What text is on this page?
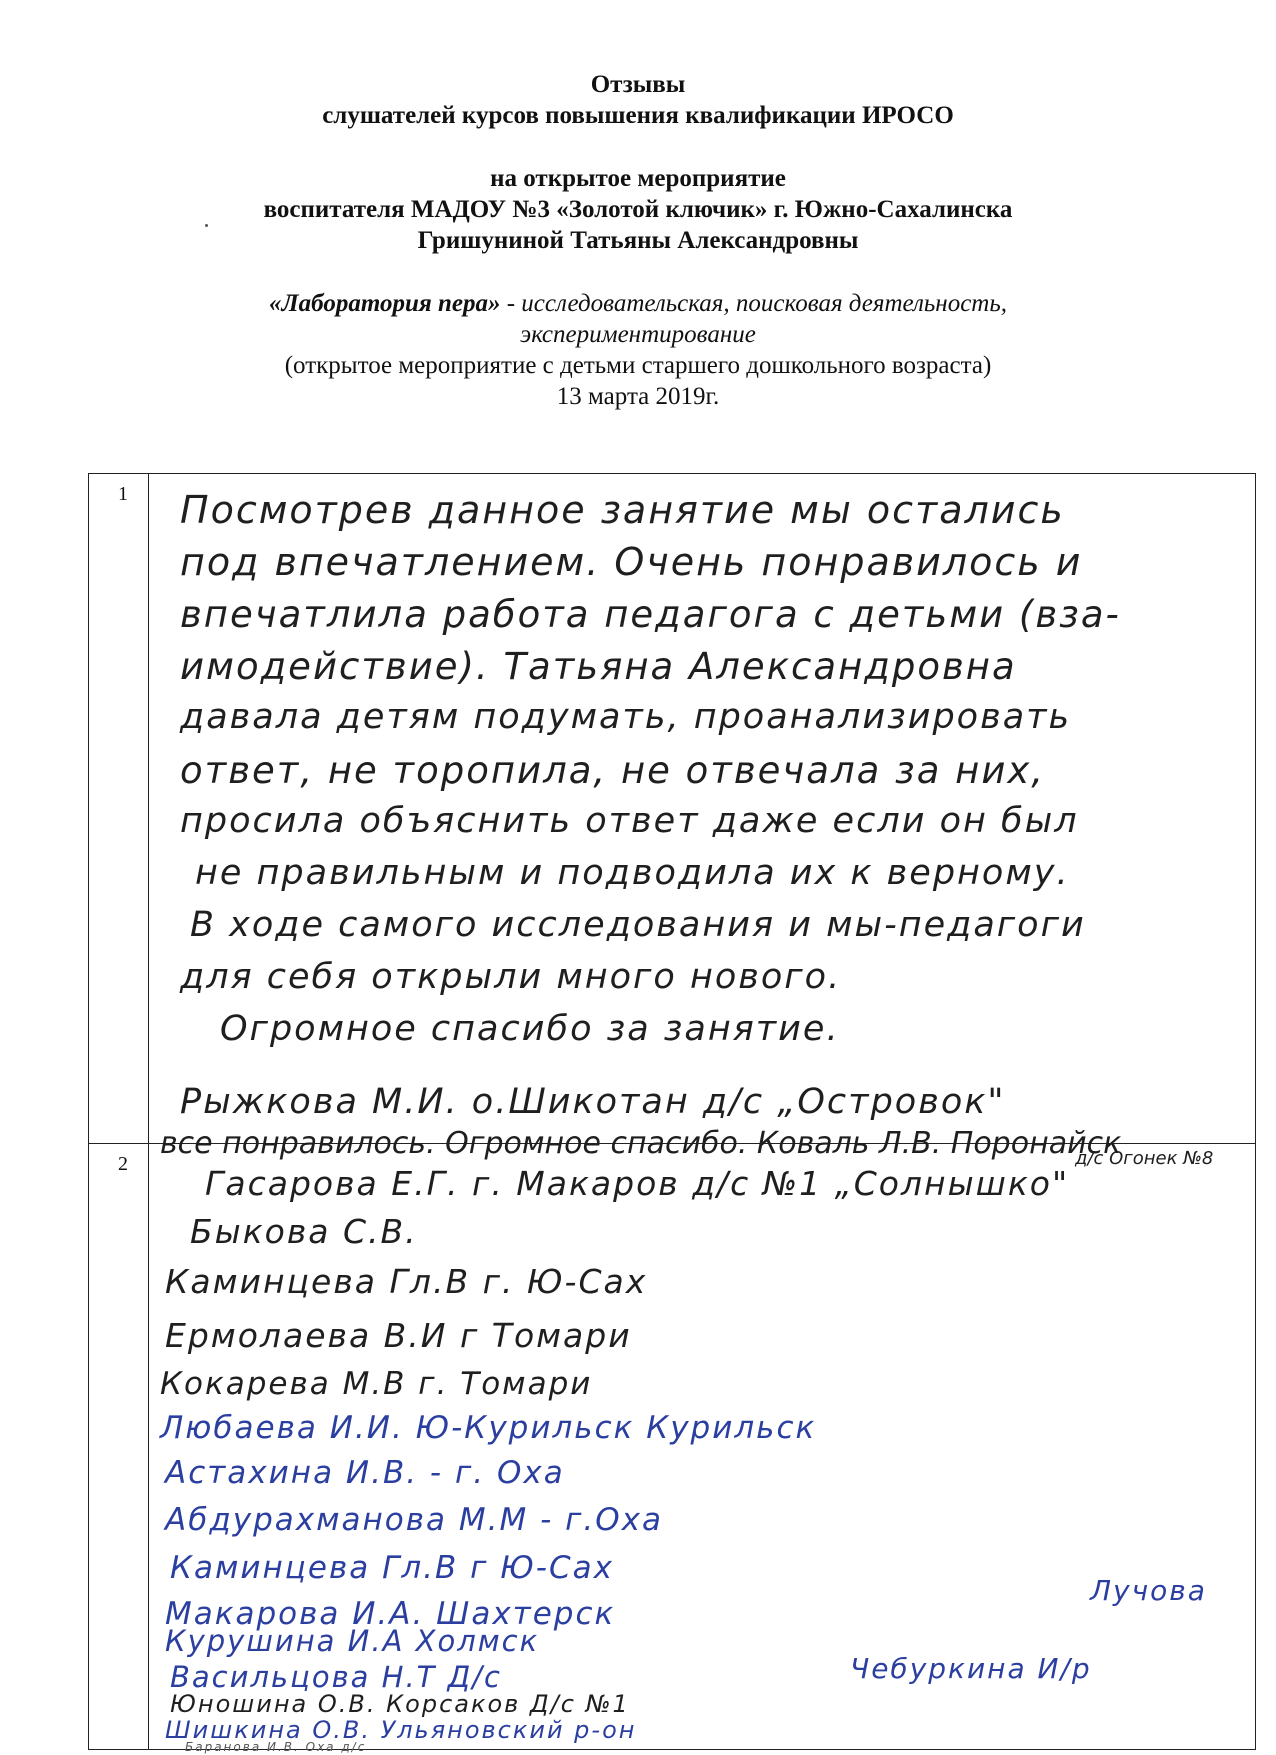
Отзывы
слушателей курсов повышения квалификации ИРОСО
на открытое мероприятие
воспитателя МАДОУ №3 «Золотой ключик» г. Южно-Сахалинска
Гришуниной Татьяны Александровны
«Лаборатория пера» - исследовательская, поисковая деятельность,
экспериментирование
(открытое мероприятие с детьми старшего дошкольного возраста)
13 марта 2019г.
1
2
Посмотрев данное занятие мы остались
под впечатлением. Очень понравилось и
впечатлила работа педагога с детьми (вза-
имодействие). Татьяна Александровна
давала детям подумать, проанализировать
ответ, не торопила, не отвечала за них,
просила объяснить ответ даже если он был
не правильным и подводила их к верному.
В ходе самого исследования и мы-педагоги
для себя открыли много нового.
Огромное спасибо за занятие.
Рыжкова М.И. о.Шикотан д/с „Островок"
все понравилось. Огромное спасибо. Коваль Л.В. Поронайск
д/с Огонек №8
Гасарова Е.Г. г. Макаров д/с №1 „Солнышко"
Быкова С.В.
Каминцева Гл.В г. Ю-Сах
Ермолаева В.И г Томари
Кокарева М.В г. Томари
Любаева И.И. Ю-Курильск Курильск
Астахина И.В. - г. Оха
Абдурахманова М.М - г.Оха
Каминцева Гл.В г Ю-Сах
Макарова И.А. Шахтерск
Курушина И.А Холмск
Васильцова Н.Т Д/с
Юношина О.В. Корсаков Д/с №1
Шишкина О.В. Ульяновский р-он
Баранова И.В. Оха д/с
Чебуркина И/р
Лучова
